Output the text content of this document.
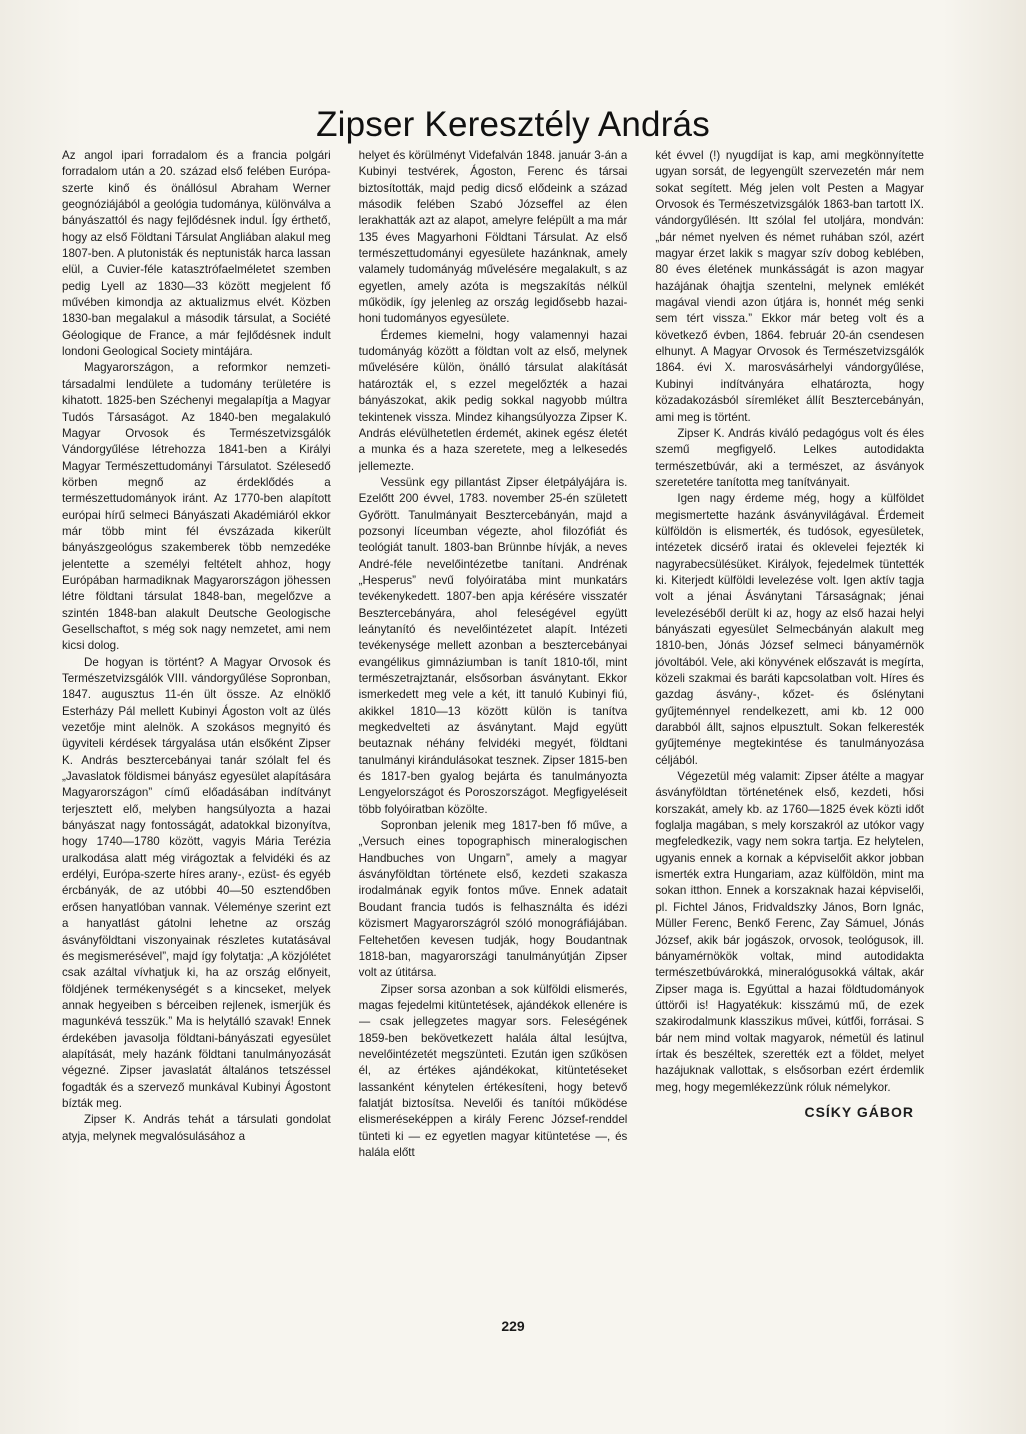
Zipser Keresztély András

Az angol ipari forradalom és a francia polgári forradalom után a 20. század első felében Európa-szerte kinő és önállósul Abraham Werner geognóziájából a geológia tudománya, különválva a bányászattól és nagy fejlődésnek indul. Így érthető, hogy az első Földtani Társulat Angliában alakul meg 1807-ben. A plutonisták és neptunisták harca lassan elül, a Cuvier-féle katasztrófaelméletet szemben pedig Lyell az 1830—33 között megjelent fő művében kimondja az aktualizmus elvét. Közben 1830-ban megalakul a második társulat, a Société Géologique de France, a már fejlődésnek indult londoni Geological Society mintájára.

Magyarországon, a reformkor nemzeti-társadalmi lendülete a tudomány területére is kihatott. 1825-ben Széchenyi megalapítja a Magyar Tudós Társaságot. Az 1840-ben megalakuló Magyar Orvosok és Természetvizsgálók Vándorgyűlése létrehozza 1841-ben a Királyi Magyar Természettudományi Társulatot. Szélesedő körben megnő az érdeklődés a természettudományok iránt. Az 1770-ben alapított európai hírű selmeci Bányászati Akadémiáról ekkor már több mint fél évszázada kikerült bányászgeológus szakemberek több nemzedéke jelentette a személyi feltételt ahhoz, hogy Európában harmadiknak Magyarországon jöhessen létre földtani társulat 1848-ban, megelőzve a szintén 1848-ban alakult Deutsche Geologische Gesellschaftot, s még sok nagy nemzetet, ami nem kicsi dolog.

De hogyan is történt? A Magyar Orvosok és Természetvizsgálók VIII. vándorgyűlése Sopronban, 1847. augusztus 11-én ült össze. Az elnöklő Esterházy Pál mellett Kubinyi Ágoston volt az ülés vezetője mint alelnök. A szokásos megnyitó és ügyviteli kérdések tárgyalása után elsőként Zipser K. András besztercebányai tanár szólalt fel és „Javaslatok földismei bányász egyesület alapítására Magyarországon” című előadásában indítványt terjesztett elő, melyben hangsúlyozta a hazai bányászat nagy fontosságát, adatokkal bizonyítva, hogy 1740—1780 között, vagyis Mária Terézia uralkodása alatt még virágoztak a felvidéki és az erdélyi, Európa-szerte híres arany-, ezüst- és egyéb ércbányák, de az utóbbi 40—50 esztendőben erősen hanyatlóban vannak. Véleménye szerint ezt a hanyatlást gátolni lehetne az ország ásványföldtani viszonyainak részletes kutatásával és megismerésével”, majd így folytatja: „A közjólétet csak azáltal vívhatjuk ki, ha az ország előnyeit, földjének termékenységét s a kincseket, melyek annak hegyeiben s bérceiben rejlenek, ismerjük és magunkévá tesszük.” Ma is helytálló szavak! Ennek érdekében javasolja földtani-bányászati egyesület alapítását, mely hazánk földtani tanulmányozását végezné. Zipser javaslatát általános tetszéssel fogadták és a szervező munkával Kubinyi Ágostont bízták meg.

Zipser K. András tehát a társulati gondolat atyja, melynek megvalósulásához a

helyet és körülményt Videfalván 1848. január 3-án a Kubinyi testvérek, Ágoston, Ferenc és társai biztosították, majd pedig dicső elődeink a század második felében Szabó Józseffel az élen lerakhatták azt az alapot, amelyre felépült a ma már 135 éves Magyarhoni Földtani Társulat. Az első természettudományi egyesülete hazánknak, amely valamely tudományág művelésére megalakult, s az egyetlen, amely azóta is megszakítás nélkül működik, így jelenleg az ország legidősebb hazai-honi tudományos egyesülete.

Érdemes kiemelni, hogy valamennyi hazai tudományág között a földtan volt az első, melynek művelésére külön, önálló társulat alakítását határozták el, s ezzel megelőzték a hazai bányászokat, akik pedig sokkal nagyobb múltra tekintenek vissza. Mindez kihangsúlyozza Zipser K. András elévülhetetlen érdemét, akinek egész életét a munka és a haza szeretete, meg a lelkesedés jellemezte.

Vessünk egy pillantást Zipser életpályájára is. Ezelőtt 200 évvel, 1783. november 25-én született Győrött. Tanulmányait Besztercebányán, majd a pozsonyi líceumban végezte, ahol filozófiát és teológiát tanult. 1803-ban Brünnbe hívják, a neves André-féle nevelőintézetbe tanítani. Andrénak „Hesperus” nevű folyóiratába mint munkatárs tevékenykedett. 1807-ben apja kérésére visszatér Besztercebányára, ahol feleségével együtt leánytanító és nevelőintézetet alapít. Intézeti tevékenysége mellett azonban a besztercebányai evangélikus gimnáziumban is tanít 1810-től, mint természetrajztanár, elsősorban ásványtant. Ekkor ismerkedett meg vele a két, itt tanuló Kubinyi fiú, akikkel 1810—13 között külön is tanítva megkedvelteti az ásványtant. Majd együtt beutaznak néhány felvidéki megyét, földtani tanulmányi kirándulásokat tesznek. Zipser 1815-ben és 1817-ben gyalog bejárta és tanulmányozta Lengyelországot és Poroszországot. Megfigyeléseit több folyóiratban közölte.

Sopronban jelenik meg 1817-ben fő műve, a „Versuch eines topographisch mineralogischen Handbuches von Ungarn”, amely a magyar ásványföldtan története első, kezdeti szakasza irodalmának egyik fontos műve. Ennek adatait Boudant francia tudós is felhasználta és idézi közismert Magyarországról szóló monográfiájában. Feltehetően kevesen tudják, hogy Boudantnak 1818-ban, magyarországi tanulmányútján Zipser volt az útitársa.

Zipser sorsa azonban a sok külföldi elismerés, magas fejedelmi kitüntetések, ajándékok ellenére is — csak jellegzetes magyar sors. Feleségének 1859-ben bekövetkezett halála által lesújtva, nevelőintézetét megszünteti. Ezután igen szűkösen él, az értékes ajándékokat, kitüntetéseket lassanként kénytelen értékesíteni, hogy betevő falatját biztosítsa. Nevelői és tanítói működése elismeréseképpen a király Ferenc József-renddel tünteti ki — ez egyetlen magyar kitüntetése —, és halála előtt

két évvel (!) nyugdíjat is kap, ami megkönnyítette ugyan sorsát, de legyengült szervezetén már nem sokat segített. Még jelen volt Pesten a Magyar Orvosok és Természetvizsgálók 1863-ban tartott IX. vándorgyűlésén. Itt szólal fel utoljára, mondván: „bár német nyelven és német ruhában szól, azért magyar érzet lakik s magyar szív dobog keblében, 80 éves életének munkásságát is azon magyar hazájának óhajtja szentelni, melynek emlékét magával viendi azon útjára is, honnét még senki sem tért vissza.” Ekkor már beteg volt és a következő évben, 1864. február 20-án csendesen elhunyt. A Magyar Orvosok és Természetvizsgálók 1864. évi X. marosvásárhelyi vándorgyűlése, Kubinyi indítványára elhatározta, hogy közadakozásból síremléket állít Besztercebányán, ami meg is történt.

Zipser K. András kiváló pedagógus volt és éles szemű megfigyelő. Lelkes autodidakta természetbúvár, aki a természet, az ásványok szeretetére tanította meg tanítványait.

Igen nagy érdeme még, hogy a külföldet megismertette hazánk ásványvilágával. Érdemeit külföldön is elismerték, és tudósok, egyesületek, intézetek dicsérő iratai és oklevelei fejezték ki nagyrabecsülésüket. Királyok, fejedelmek tüntették ki. Kiterjedt külföldi levelezése volt. Igen aktív tagja volt a jénai Ásványtani Társaságnak; jénai levelezéséből derült ki az, hogy az első hazai helyi bányászati egyesület Selmecbányán alakult meg 1810-ben, Jónás József selmeci bányamérnök jóvoltából. Vele, aki könyvének előszavát is megírta, közeli szakmai és baráti kapcsolatban volt. Híres és gazdag ásvány-, kőzet- és őslénytani gyűjteménnyel rendelkezett, ami kb. 12 000 darabból állt, sajnos elpusztult. Sokan felkeresték gyűjteménye megtekintése és tanulmányozása céljából.

Végezetül még valamit: Zipser átélte a magyar ásványföldtan történetének első, kezdeti, hősi korszakát, amely kb. az 1760—1825 évek közti időt foglalja magában, s mely korszakról az utókor vagy megfeledkezik, vagy nem sokra tartja. Ez helytelen, ugyanis ennek a kornak a képviselőit akkor jobban ismerték extra Hungariam, azaz külföldön, mint ma sokan itthon. Ennek a korszaknak hazai képviselői, pl. Fichtel János, Fridvaldszky János, Born Ignác, Müller Ferenc, Benkő Ferenc, Zay Sámuel, Jónás József, akik bár jogászok, orvosok, teológusok, ill. bányamérnökök voltak, mind autodidakta természetbúvárokká, mineralógusokká váltak, akár Zipser maga is. Egyúttal a hazai földtudományok úttörői is! Hagyatékuk: kisszámú mű, de ezek szakirodalmunk klasszikus művei, kútfői, forrásai. S bár nem mind voltak magyarok, németül és latinul írtak és beszéltek, szerették ezt a földet, melyet hazájuknak vallottak, s elsősorban ezért érdemlik meg, hogy megemlékezzünk róluk némelykor.

CSÍKY GÁBOR
229
